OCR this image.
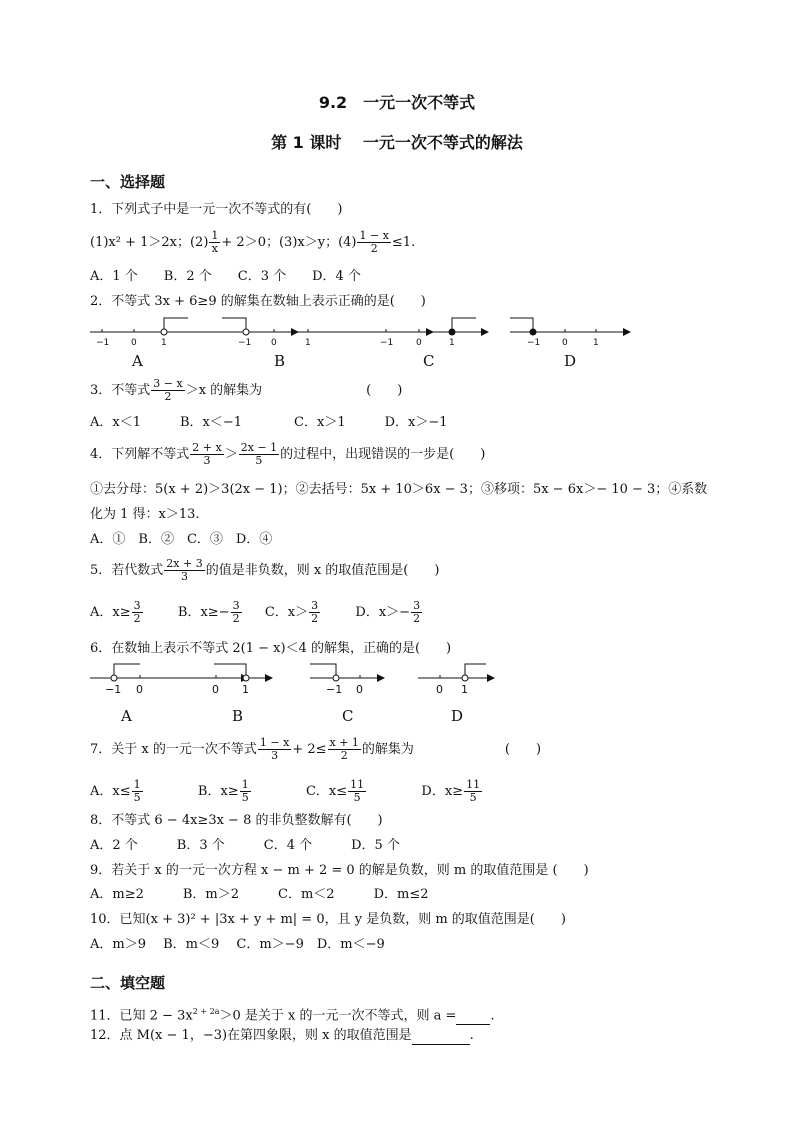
9.2　一元一次不等式
第 1 课时　 一元一次不等式的解法
一、选择题
1．下列式子中是一元一次不等式的有(　　)
(1)x² + 1＞2x；$(2) \frac{1}{x} + 2>0$；(3)x＞y；$(4) \frac{1 - x}{2} \le 1$.
A．1 个　　B．2 个　　C．3 个　　D．4 个
2．不等式 3x + 6≥9 的解集在数轴上表示正确的是(　　)
−1 0	1	−1 0	1	−1	0	1	−1 0	1
A	B	C	D
3．不等式 $\frac{3 - x}{2} >x$ 的解集为　　　　　　　　(　　)
A．x＜1　　　B．x＜−1　　　　C．x＞1　　　D．x＞−1
4．下列解不等式 $\frac{2 + x}{3} > \frac{2x - 1}{5}$ 的过程中，出现错误的一步是(　　)
①去分母：5(x + 2)＞3(2x − 1)；②去括号：5x + 10＞6x − 3；③移项：5x − 6x＞− 10 − 3；④系数
化为 1 得：x＞13.
A．①　B．②　C．③　D．④
5．若代数式 $\frac{2x + 3}{3}$ 的值是非负数，则 x 的取值范围是(　　)
A．$x\ge \frac{3}{2}$	B．$x\ge- \frac{3}{2}$ C．$x> \frac{3}{2}$	D．$x>- \frac{3}{2}$
6．在数轴上表示不等式 2(1 − x)＜4 的解集，正确的是(　　)
−1 0	0 1	−1 0	0 1
A	B	C	D
7．关于 x 的一元一次不等式 $\frac{1 - x}{3} + 2\le \frac{x + 1}{2}$ 的解集为　　　　　　　(　　)
A．$x\le \frac{1}{5}$	B．$x\ge \frac{1}{5}$	C．$x\le \frac{11}{5}$	D．$x\ge \frac{11}{5}$
8．不等式 6 − 4x≥3x − 8 的非负整数解有(　　)
A．2 个　　　B．3 个　　　C．4 个　　　D．5 个
9．若关于 x 的一元一次方程 x − m + 2 = 0 的解是负数，则 m 的取值范围是 (　　)
A．m≥2　　　B．m＞2　　　C．m＜2　　　D．m≤2
10．已知(x + 3)² + |3x + y + m| = 0，且 y 是负数，则 m 的取值范围是(　　)
A．m＞9　 B．m＜9　 C．m＞−9　D．m＜−9
二、填空题
11．已知 $2 - 3x^{2 + 2a}>0$ 是关于 x 的一元一次不等式，则 a =	.
12．点 M(x − 1，−3)在第四象限，则 x 的取值范围是	.
